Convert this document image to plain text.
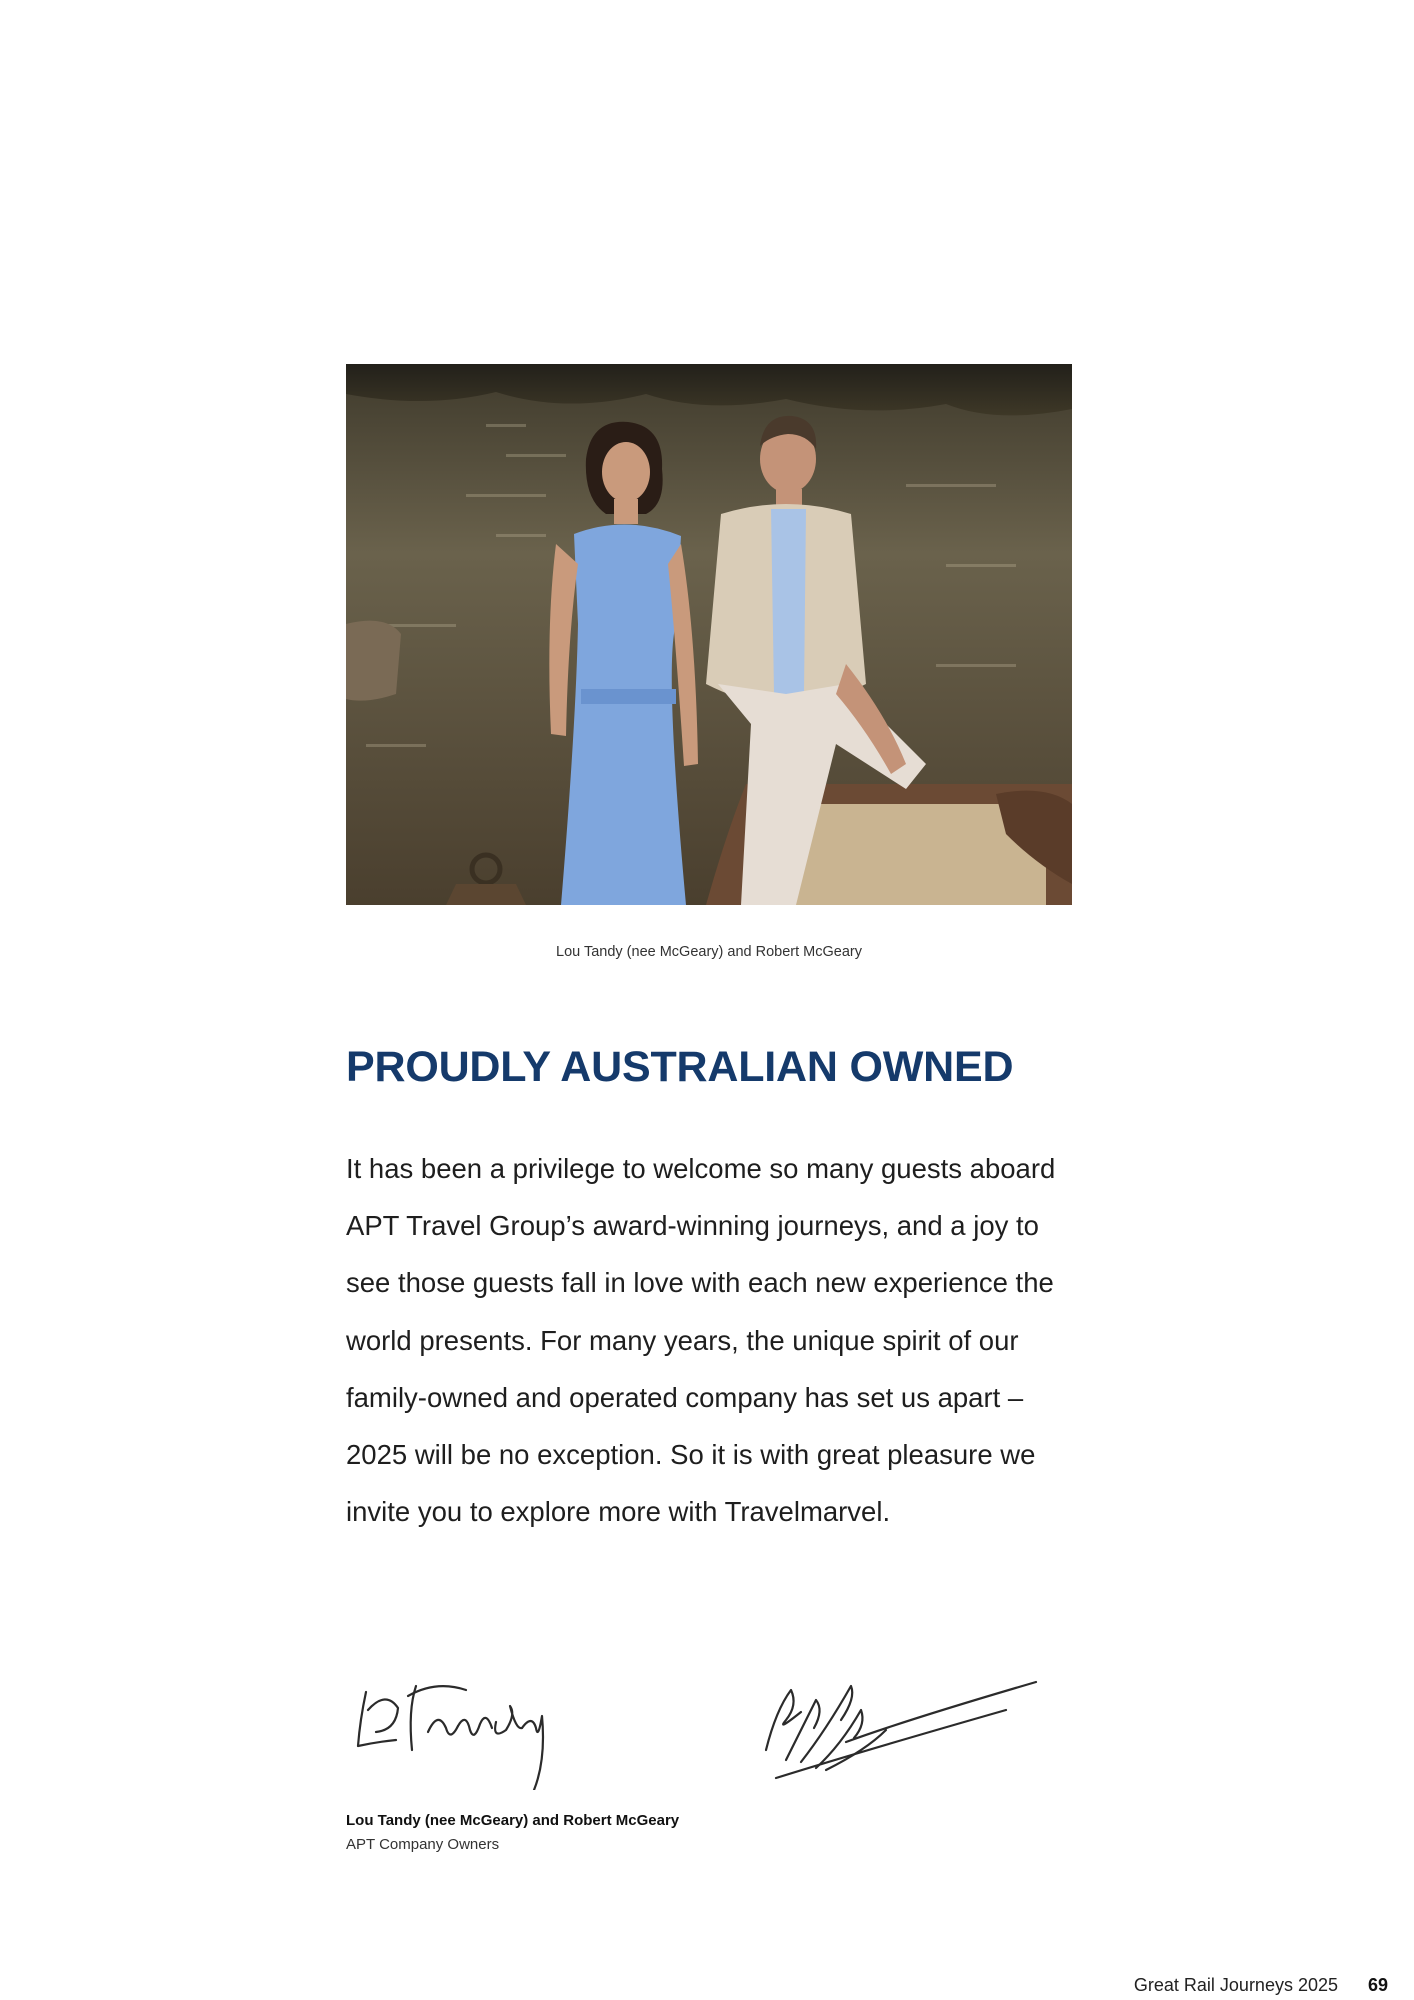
Lou Tandy (nee McGeary) and Robert McGeary

PROUDLY AUSTRALIAN OWNED

It has been a privilege to welcome so many guests aboard APT Travel Group’s award-winning journeys, and a joy to see those guests fall in love with each new experience the world presents. For many years, the unique spirit of our family-owned and operated company has set us apart – 2025 will be no exception. So it is with great pleasure we invite you to explore more with Travelmarvel.

Lou Tandy (nee McGeary) and Robert McGeary

APT Company Owners

Great Rail Journeys 2025 69
